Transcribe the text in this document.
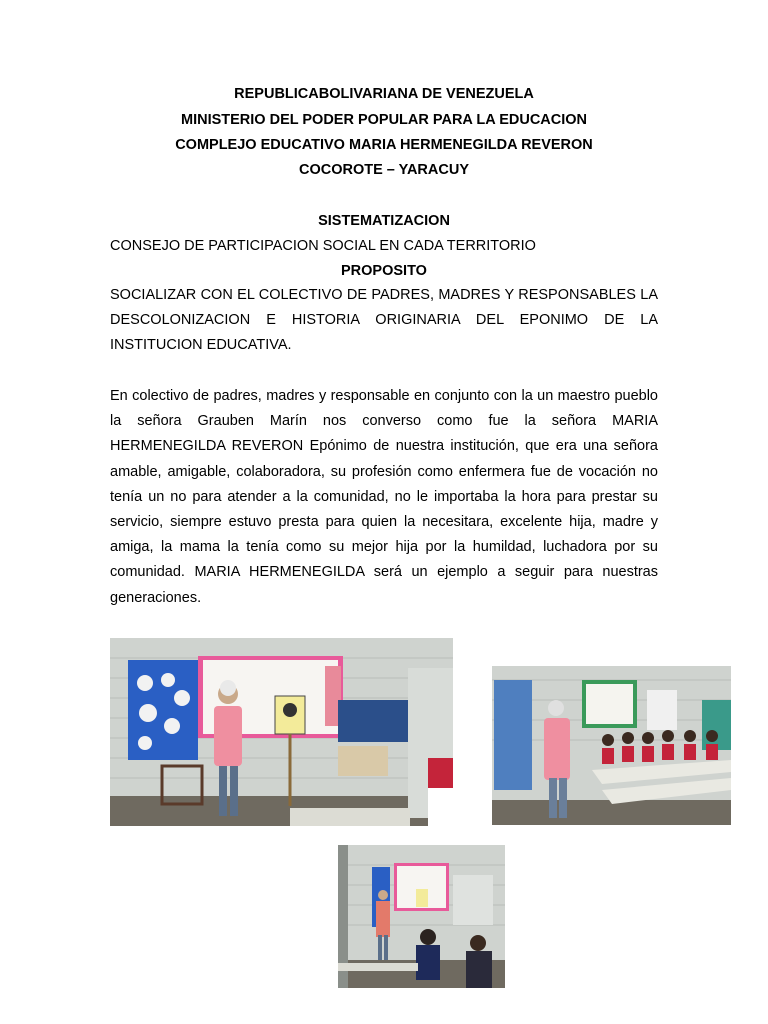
REPUBLICABOLIVARIANA DE VENEZUELA
MINISTERIO DEL PODER POPULAR PARA LA EDUCACION
COMPLEJO EDUCATIVO MARIA HERMENEGILDA REVERON
COCOROTE – YARACUY
SISTEMATIZACION
CONSEJO DE PARTICIPACION SOCIAL EN CADA TERRITORIO
PROPOSITO

SOCIALIZAR CON EL COLECTIVO DE PADRES, MADRES Y RESPONSABLES LA DESCOLONIZACION E HISTORIA ORIGINARIA DEL EPONIMO DE LA INSTITUCION EDUCATIVA.

En colectivo de padres, madres y responsable en conjunto con la un maestro pueblo la señora Grauben Marín nos converso como fue la señora MARIA HERMENEGILDA REVERON Epónimo de nuestra institución, que era una señora amable, amigable, colaboradora, su profesión como enfermera fue de vocación no tenía un no para atender a la comunidad, no le importaba la hora para prestar su servicio, siempre estuvo presta para quien la necesitara, excelente hija, madre y amiga, la mama la tenía como su mejor hija por la humildad, luchadora por su comunidad. MARIA HERMENEGILDA será un ejemplo a seguir para nuestras generaciones.
